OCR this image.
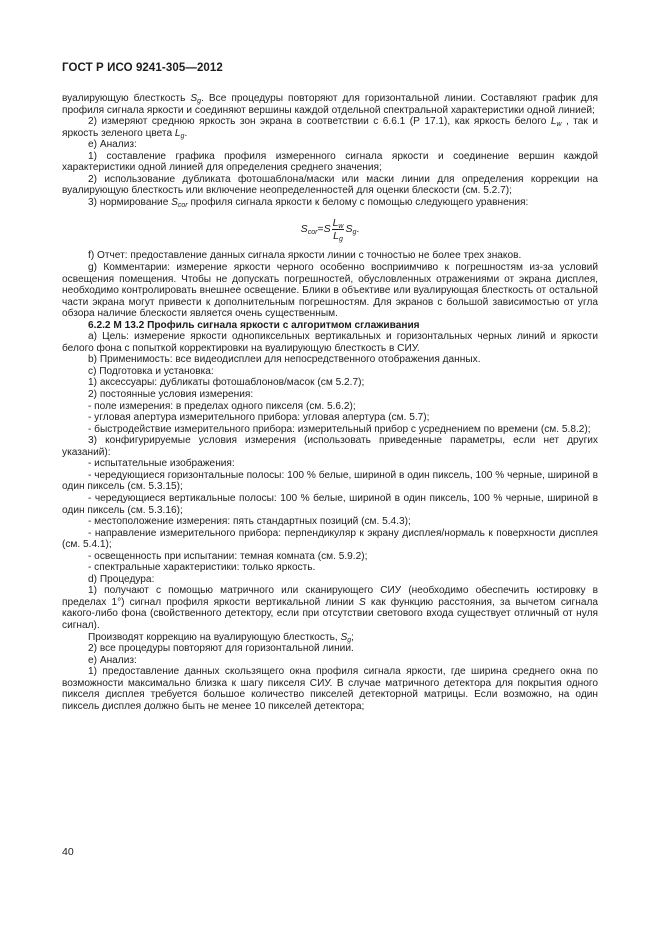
ГОСТ Р ИСО 9241-305—2012

вуалирующую блесткость $S_g$. Все процедуры повторяют для горизонтальной линии. Составляют график для профиля сигнала яркости и соединяют вершины каждой отдельной спектральной характеристики одной линией;

2) измеряют среднюю яркость зон экрана в соответствии с 6.6.1 (Р 17.1), как яркость белого $L_w$ , так и яркость зеленого цвета $L_g$.

e) Анализ:

1) составление графика профиля измеренного сигнала яркости и соединение вершин каждой характеристики одной линией для определения среднего значения;

2) использование дубликата фотошаблона/маски или маски линии для определения коррекции на вуалирующую блесткость или включение неопределенностей для оценки блескости (см. 5.2.7);

3) нормирование $S_{cor}$ профиля сигнала яркости к белому с помощью следующего уравнения:

$S_{cor} = S \frac{L_w}{L_g} S_g$ .

f) Отчет: предоставление данных сигнала яркости линии с точностью не более трех знаков.

g) Комментарии: измерение яркости черного особенно восприимчиво к погрешностям из-за условий освещения помещения. Чтобы не допускать погрешностей, обусловленных отражениями от экрана дисплея, необходимо контролировать внешнее освещение. Блики в объективе или вуалирующая блесткость от остальной части экрана могут привести к дополнительным погрешностям. Для экранов с большой зависимостью от угла обзора наличие блескости является очень существенным.

6.2.2 М 13.2 Профиль сигнала яркости с алгоритмом сглаживания

а) Цель: измерение яркости однопиксельных вертикальных и горизонтальных черных линий и яркости белого фона с попыткой корректировки на вуалирующую блесткость в СИУ.

b) Применимость: все видеодисплеи для непосредственного отображения данных.

c) Подготовка и установка:

1) аксессуары: дубликаты фотошаблонов/масок (см 5.2.7);

2) постоянные условия измерения:

- поле измерения: в пределах одного пикселя (см. 5.6.2);

- угловая апертура измерительного прибора: угловая апертура (см. 5.7);

- быстродействие измерительного прибора: измерительный прибор с усреднением по времени (см. 5.8.2);

3) конфигурируемые условия измерения (использовать приведенные параметры, если нет других указаний):

- испытательные изображения:

- чередующиеся горизонтальные полосы: 100 % белые, шириной в один пиксель, 100 % черные, шириной в один пиксель (см. 5.3.15);

- чередующиеся вертикальные полосы: 100 % белые, шириной в один пиксель, 100 % черные, шириной в один пиксель (см. 5.3.16);

- местоположение измерения: пять стандартных позиций (см. 5.4.3);

- направление измерительного прибора: перпендикуляр к экрану дисплея/нормаль к поверхности дисплея (см. 5.4.1);

- освещенность при испытании: темная комната (см. 5.9.2);

- спектральные характеристики: только яркость.

d) Процедура:

1) получают с помощью матричного или сканирующего СИУ (необходимо обеспечить юстировку в пределах 1°) сигнал профиля яркости вертикальной линии S как функцию расстояния, за вычетом сигнала какого-либо фона (свойственного детектору, если при отсутствии светового входа существует отличный от нуля сигнал).

Производят коррекцию на вуалирующую блесткость, $S_g$;

2) все процедуры повторяют для горизонтальной линии.

e) Анализ:

1) предоставление данных скользящего окна профиля сигнала яркости, где ширина среднего окна по возможности максимально близка к шагу пикселя СИУ. В случае матричного детектора для покрытия одного пикселя дисплея требуется большое количество пикселей детекторной матрицы. Если возможно, на один пиксель дисплея должно быть не менее 10 пикселей детектора;

40
